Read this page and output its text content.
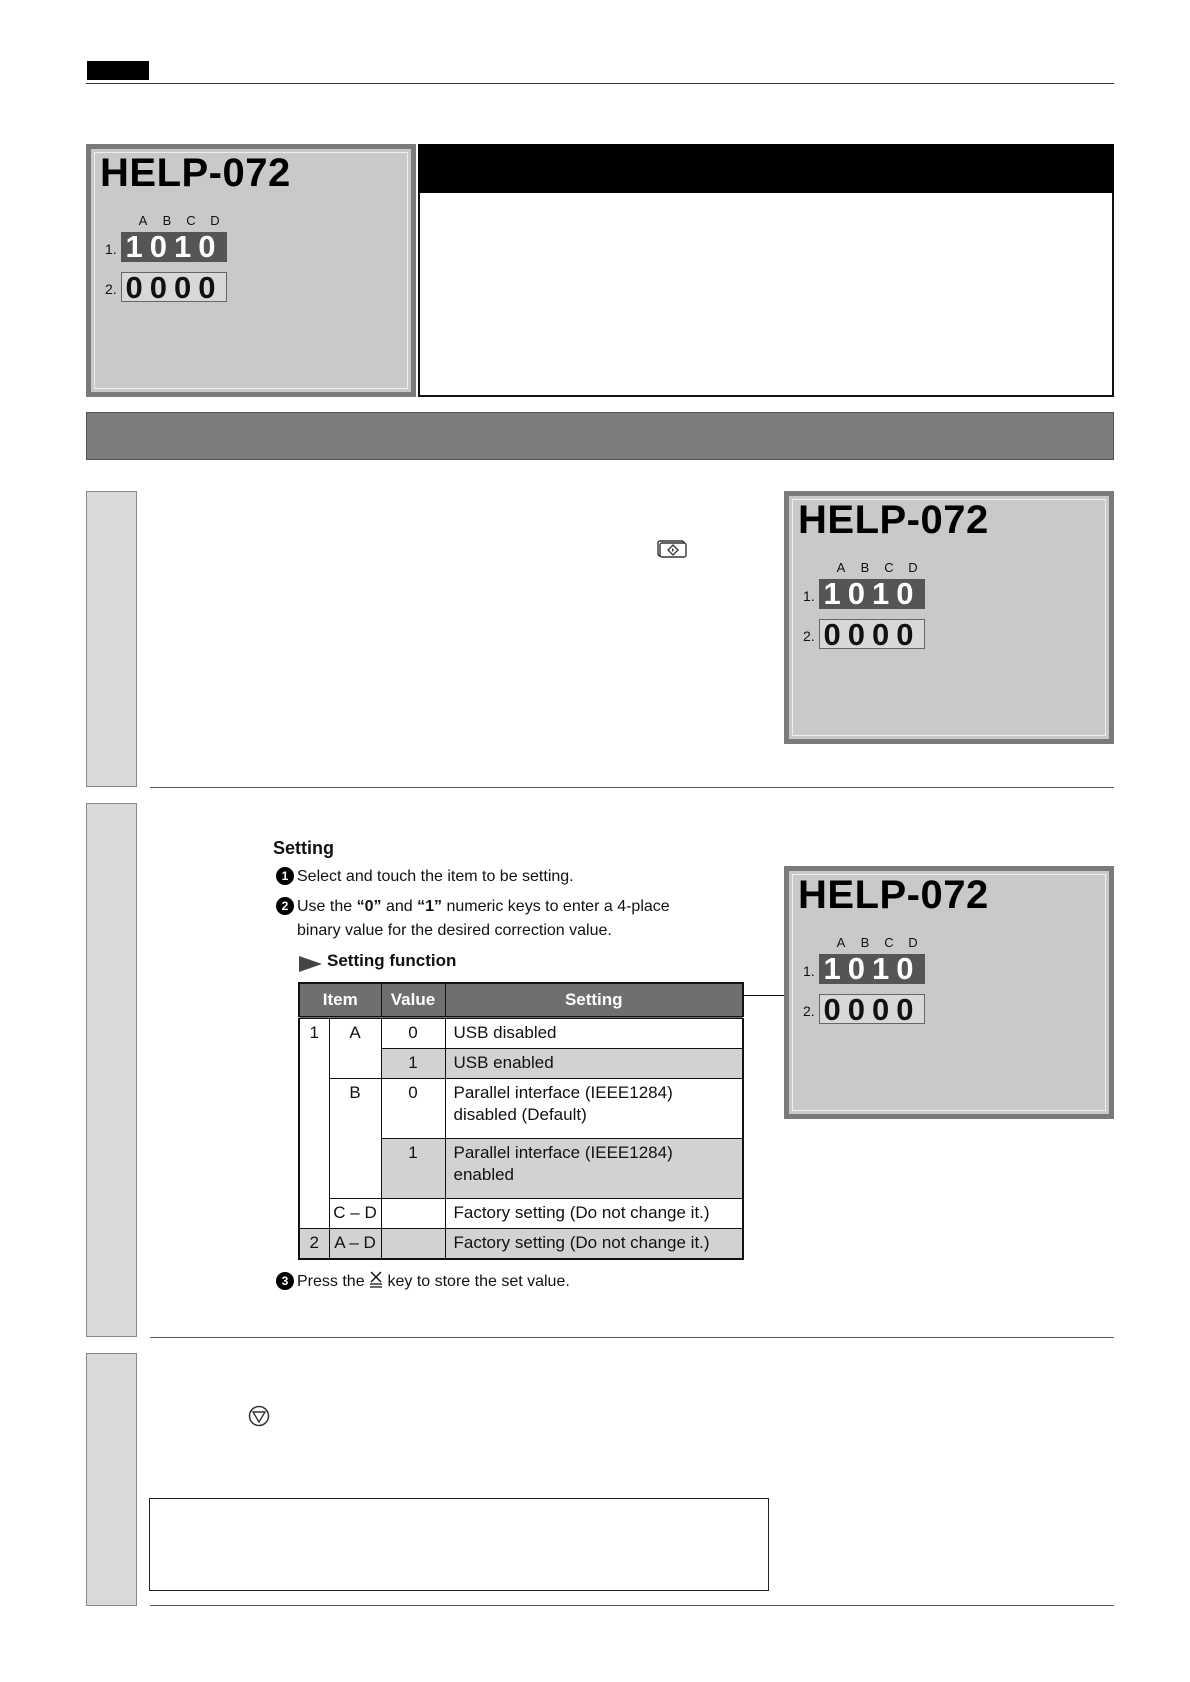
HELP-072
A B C D
1. 1010
2. 0000
HELP-072
A B C D
1. 1010
2. 0000
Setting
1 Select and touch the item to be setting.
2 Use the “0” and “1” numeric keys to enter a 4-place
binary value for the desired correction value.
Setting function
Item		Value	Setting
1	A	0	USB disabled
		1	USB enabled
	B	0	Parallel interface (IEEE1284)
disabled (Default)
		1	Parallel interface (IEEE1284)
enabled
	C – D		Factory setting (Do not change it.)
2	A – D		Factory setting (Do not change it.)
3 Press the  key to store the set value.
HELP-072
A B C D
1. 1010
2. 0000
